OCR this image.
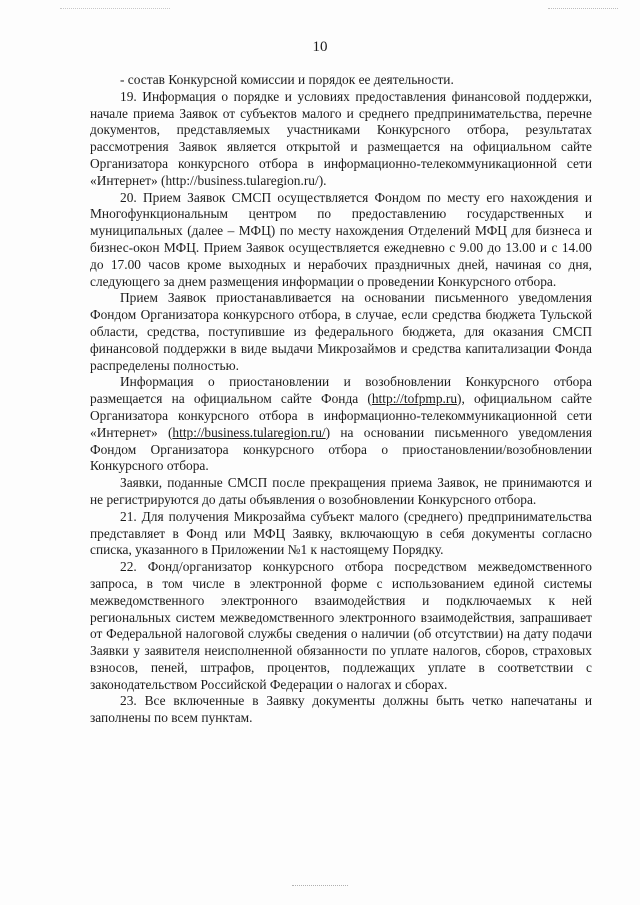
10

- состав Конкурсной комиссии и порядок ее деятельности.

19. Информация о порядке и условиях предоставления финансовой поддержки, начале приема Заявок от субъектов малого и среднего предпринимательства, перечне документов, представляемых участниками Конкурсного отбора, результатах рассмотрения Заявок является открытой и размещается на официальном сайте Организатора конкурсного отбора в информационно-телекоммуникационной сети «Интернет» (http://business.tularegion.ru/).

20. Прием Заявок СМСП осуществляется Фондом по месту его нахождения и Многофункциональным центром по предоставлению государственных и муниципальных (далее – МФЦ) по месту нахождения Отделений МФЦ для бизнеса и бизнес-окон МФЦ. Прием Заявок осуществляется ежедневно с 9.00 до 13.00 и с 14.00 до 17.00 часов кроме выходных и нерабочих праздничных дней, начиная со дня, следующего за днем размещения информации о проведении Конкурсного отбора.

Прием Заявок приостанавливается на основании письменного уведомления Фондом Организатора конкурсного отбора, в случае, если средства бюджета Тульской области, средства, поступившие из федерального бюджета, для оказания СМСП финансовой поддержки в виде выдачи Микрозаймов и средства капитализации Фонда распределены полностью.

Информация о приостановлении и возобновлении Конкурсного отбора размещается на официальном сайте Фонда (http://tofpmp.ru), официальном сайте Организатора конкурсного отбора в информационно-телекоммуникационной сети «Интернет» (http://business.tularegion.ru/) на основании письменного уведомления Фондом Организатора конкурсного отбора о приостановлении/возобновлении Конкурсного отбора.

Заявки, поданные СМСП после прекращения приема Заявок, не принимаются и не регистрируются до даты объявления о возобновлении Конкурсного отбора.

21. Для получения Микрозайма субъект малого (среднего) предпринимательства представляет в Фонд или МФЦ Заявку, включающую в себя документы согласно списка, указанного в Приложении №1 к настоящему Порядку.

22. Фонд/организатор конкурсного отбора посредством межведомственного запроса, в том числе в электронной форме с использованием единой системы межведомственного электронного взаимодействия и подключаемых к ней региональных систем межведомственного электронного взаимодействия, запрашивает от Федеральной налоговой службы сведения о наличии (об отсутствии) на дату подачи Заявки у заявителя неисполненной обязанности по уплате налогов, сборов, страховых взносов, пеней, штрафов, процентов, подлежащих уплате в соответствии с законодательством Российской Федерации о налогах и сборах.

23. Все включенные в Заявку документы должны быть четко напечатаны и заполнены по всем пунктам.
